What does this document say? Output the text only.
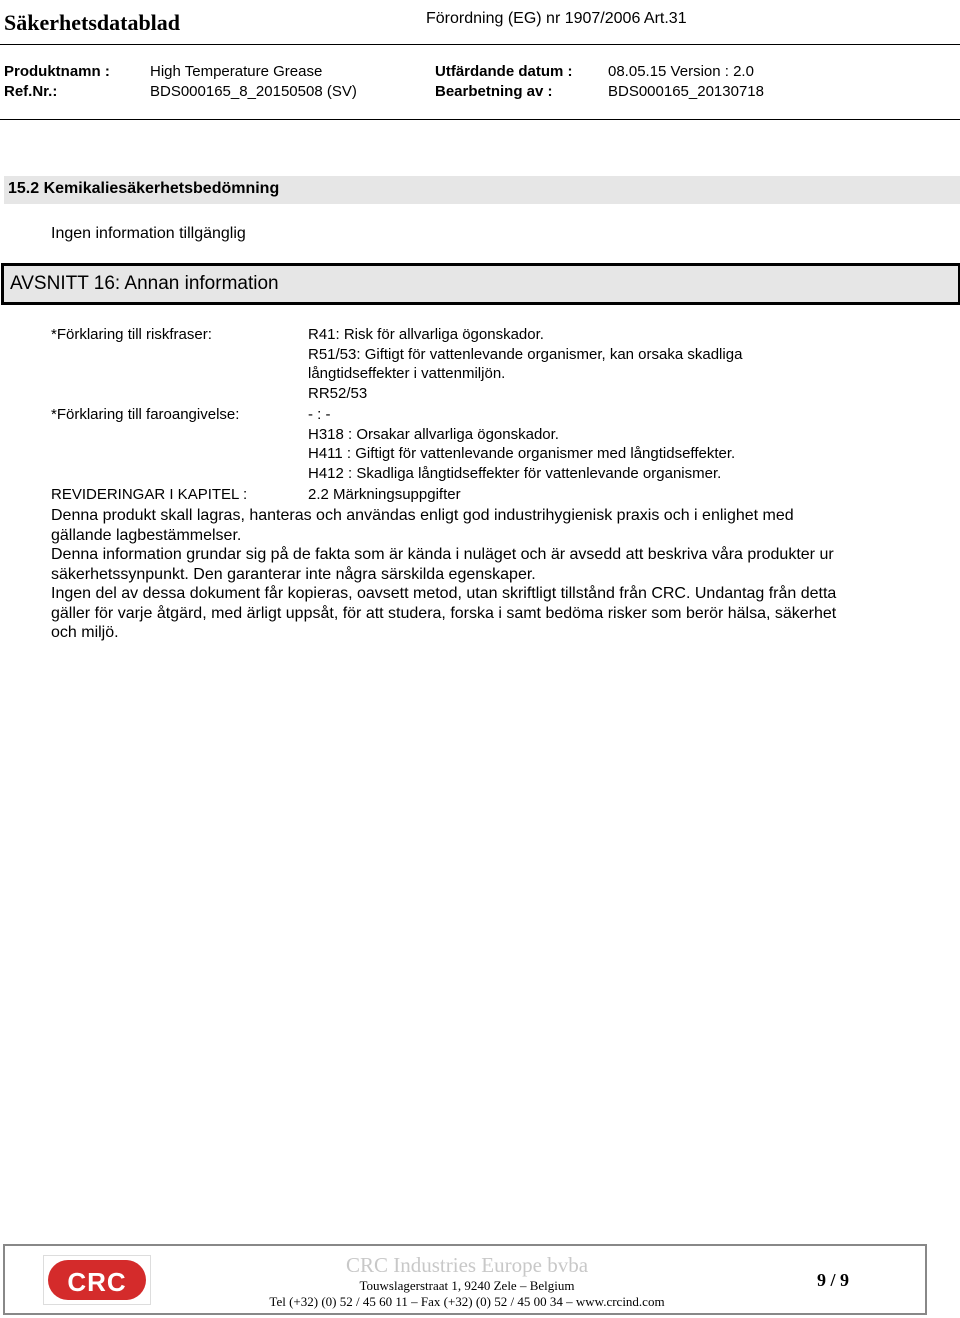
Säkerhetsdatablad	Förordning (EG) nr 1907/2006 Art.31
Produktnamn :	High Temperature Grease	Utfärdande datum : 08.05.15 Version : 2.0
Ref.Nr.:	BDS000165_8_20150508 (SV)	Bearbetning av :	BDS000165_20130718
15.2 Kemikaliesäkerhetsbedömning
Ingen information tillgänglig
AVSNITT 16: Annan information
*Förklaring till riskfraser:	R41: Risk för allvarliga ögonskador.
R51/53: Giftigt för vattenlevande organismer, kan orsaka skadliga
långtidseffekter i vattenmiljön.
RR52/53
*Förklaring till faroangivelse:	- : -
H318 : Orsakar allvarliga ögonskador.
H411 : Giftigt för vattenlevande organismer med långtidseffekter.
H412 : Skadliga långtidseffekter för vattenlevande organismer.
REVIDERINGAR I KAPITEL :	2.2 Märkningsuppgifter
Denna produkt skall lagras, hanteras och användas enligt god industrihygienisk praxis och i enlighet med
gällande lagbestämmelser.
Denna information grundar sig på de fakta som är kända i nuläget och är avsedd att beskriva våra produkter ur
säkerhetssynpunkt. Den garanterar inte några särskilda egenskaper.
Ingen del av dessa dokument får kopieras, oavsett metod, utan skriftligt tillstånd från CRC. Undantag från detta
gäller för varje åtgärd, med ärligt uppsåt, för att studera, forska i samt bedöma risker som berör hälsa, säkerhet
och miljö.
CRC
CRC Industries Europe bvba
Touwslagerstraat 1, 9240 Zele – Belgium
Tel (+32) (0) 52 / 45 60 11 – Fax (+32) (0) 52 / 45 00 34 – www.crcind.com
9 / 9
